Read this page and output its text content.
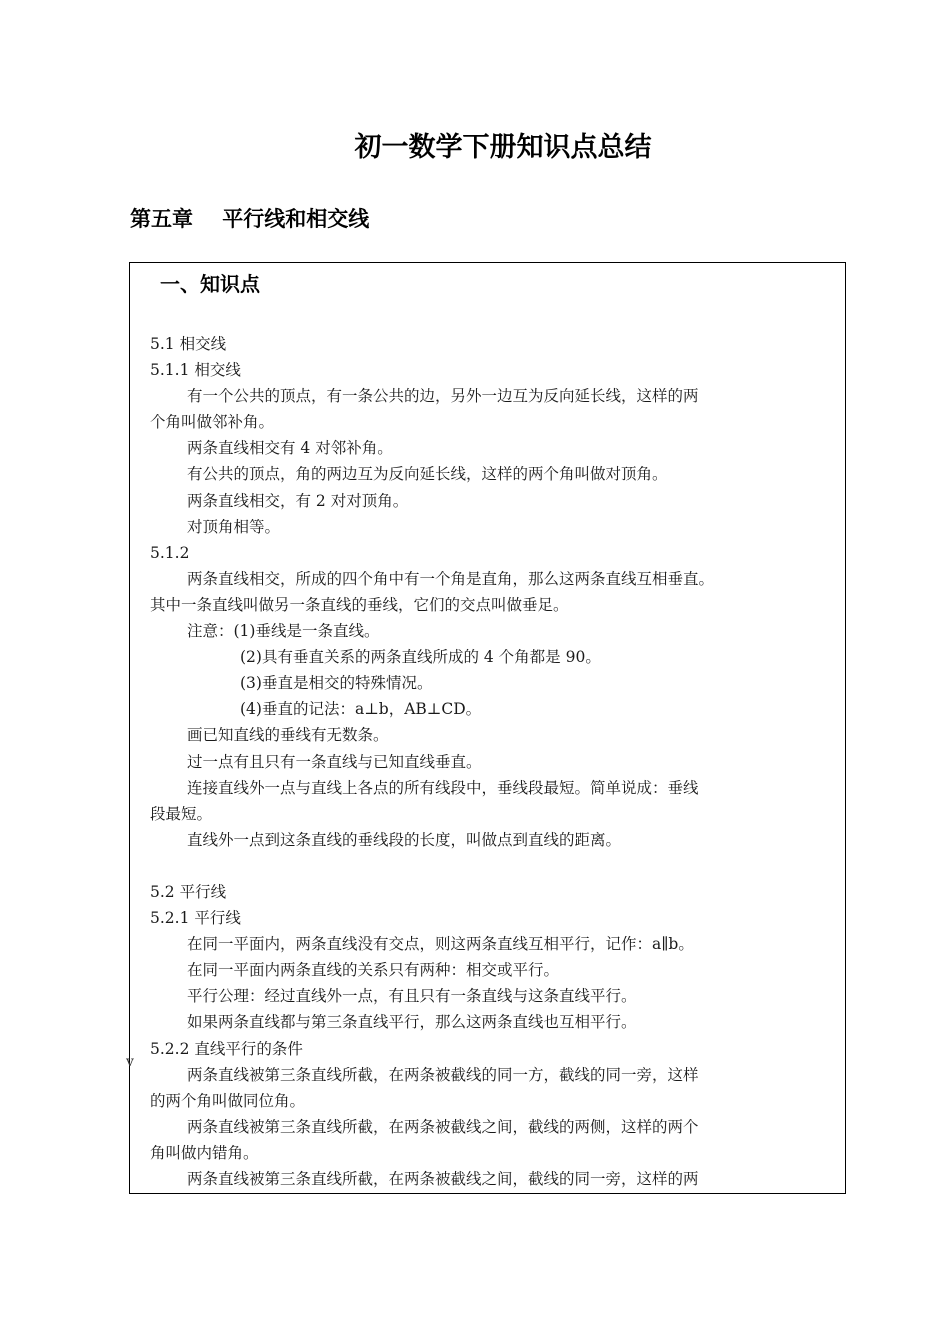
初一数学下册知识点总结
第五章    平行线和相交线
一、知识点
5.1 相交线
5.1.1 相交线
有一个公共的顶点，有一条公共的边，另外一边互为反向延长线，这样的两
个角叫做邻补角。
两条直线相交有 4 对邻补角。
有公共的顶点，角的两边互为反向延长线，这样的两个角叫做对顶角。
两条直线相交，有 2 对对顶角。
对顶角相等。
5.1.2
两条直线相交，所成的四个角中有一个角是直角，那么这两条直线互相垂直。
其中一条直线叫做另一条直线的垂线，它们的交点叫做垂足。
注意：(1)垂线是一条直线。
(2)具有垂直关系的两条直线所成的 4 个角都是 90。
(3)垂直是相交的特殊情况。
(4)垂直的记法：a⊥b，AB⊥CD。
画已知直线的垂线有无数条。
过一点有且只有一条直线与已知直线垂直。
连接直线外一点与直线上各点的所有线段中，垂线段最短。简单说成：垂线
段最短。
直线外一点到这条直线的垂线段的长度，叫做点到直线的距离。
5.2 平行线
5.2.1 平行线
在同一平面内，两条直线没有交点，则这两条直线互相平行，记作：a∥b。
在同一平面内两条直线的关系只有两种：相交或平行。
平行公理：经过直线外一点，有且只有一条直线与这条直线平行。
如果两条直线都与第三条直线平行，那么这两条直线也互相平行。
5.2.2 直线平行的条件
两条直线被第三条直线所截，在两条被截线的同一方，截线的同一旁，这样
的两个角叫做同位角。
两条直线被第三条直线所截，在两条被截线之间，截线的两侧，这样的两个
角叫做内错角。
两条直线被第三条直线所截，在两条被截线之间，截线的同一旁，这样的两
ⅴ
